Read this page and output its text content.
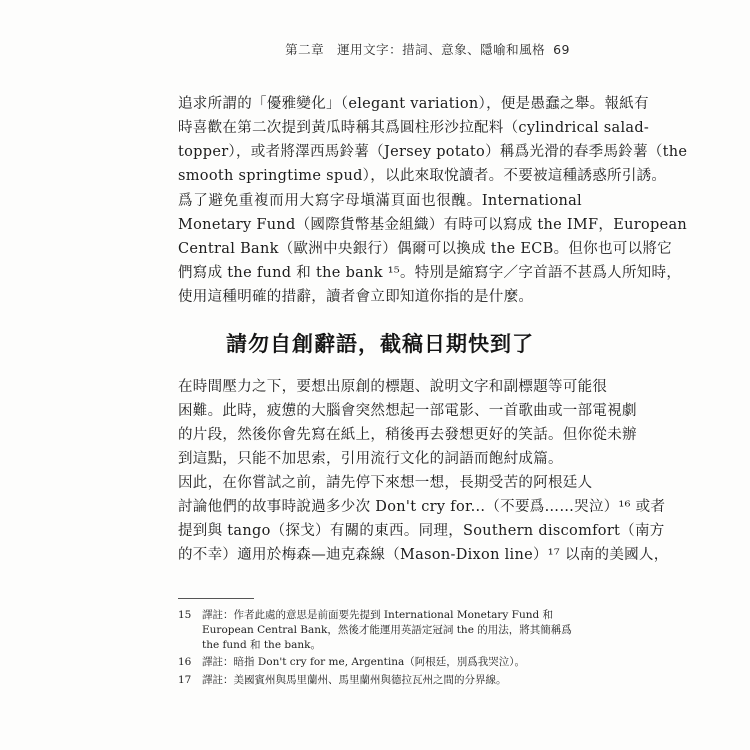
第二章　運用文字：措詞、意象、隱喻和風格 69
追求所謂的「優雅變化」（elegant variation），便是愚蠢之舉。報紙有
時喜歡在第二次提到黃瓜時稱其爲圓柱形沙拉配料（cylindrical salad-
topper），或者將澤西馬鈴薯（Jersey potato）稱爲光滑的春季馬鈴薯（the
smooth springtime spud），以此來取悅讀者。不要被這種誘惑所引誘。
爲了避免重複而用大寫字母塡滿頁面也很醜。International
Monetary Fund（國際貨幣基金組織）有時可以寫成 the IMF，European
Central Bank（歐洲中央銀行）偶爾可以換成 the ECB。但你也可以將它
們寫成 the fund 和 the bank ¹⁵。特別是縮寫字／字首語不甚爲人所知時，
使用這種明確的措辭，讀者會立即知道你指的是什麼。
請勿自創辭語，截稿日期快到了
在時間壓力之下，要想出原創的標題、說明文字和副標題等可能很
困難。此時，疲憊的大腦會突然想起一部電影、一首歌曲或一部電視劇
的片段，然後你會先寫在紙上，稍後再去發想更好的笑話。但你從未辦
到這點，只能不加思索，引用流行文化的詞語而飽紂成篇。
因此，在你嘗試之前，請先停下來想一想，長期受苦的阿根廷人
討論他們的故事時說過多少次 Don't cry for...（不要爲……哭泣）¹⁶ 或者
提到與 tango（探戈）有關的東西。同理，Southern discomfort（南方
的不幸）適用於梅森—迪克森線（Mason-Dixon line）¹⁷ 以南的美國人，
15	譯註：作者此處的意思是前面要先提到 International Monetary Fund 和 European Central Bank，然後才能運用英語定冠詞 the 的用法，將其簡稱爲 the fund 和 the bank。
16	譯註：暗指 Don't cry for me, Argentina（阿根廷，別爲我哭泣）。
17	譯註：美國賓州與馬里蘭州、馬里蘭州與德拉瓦州之間的分界線。
